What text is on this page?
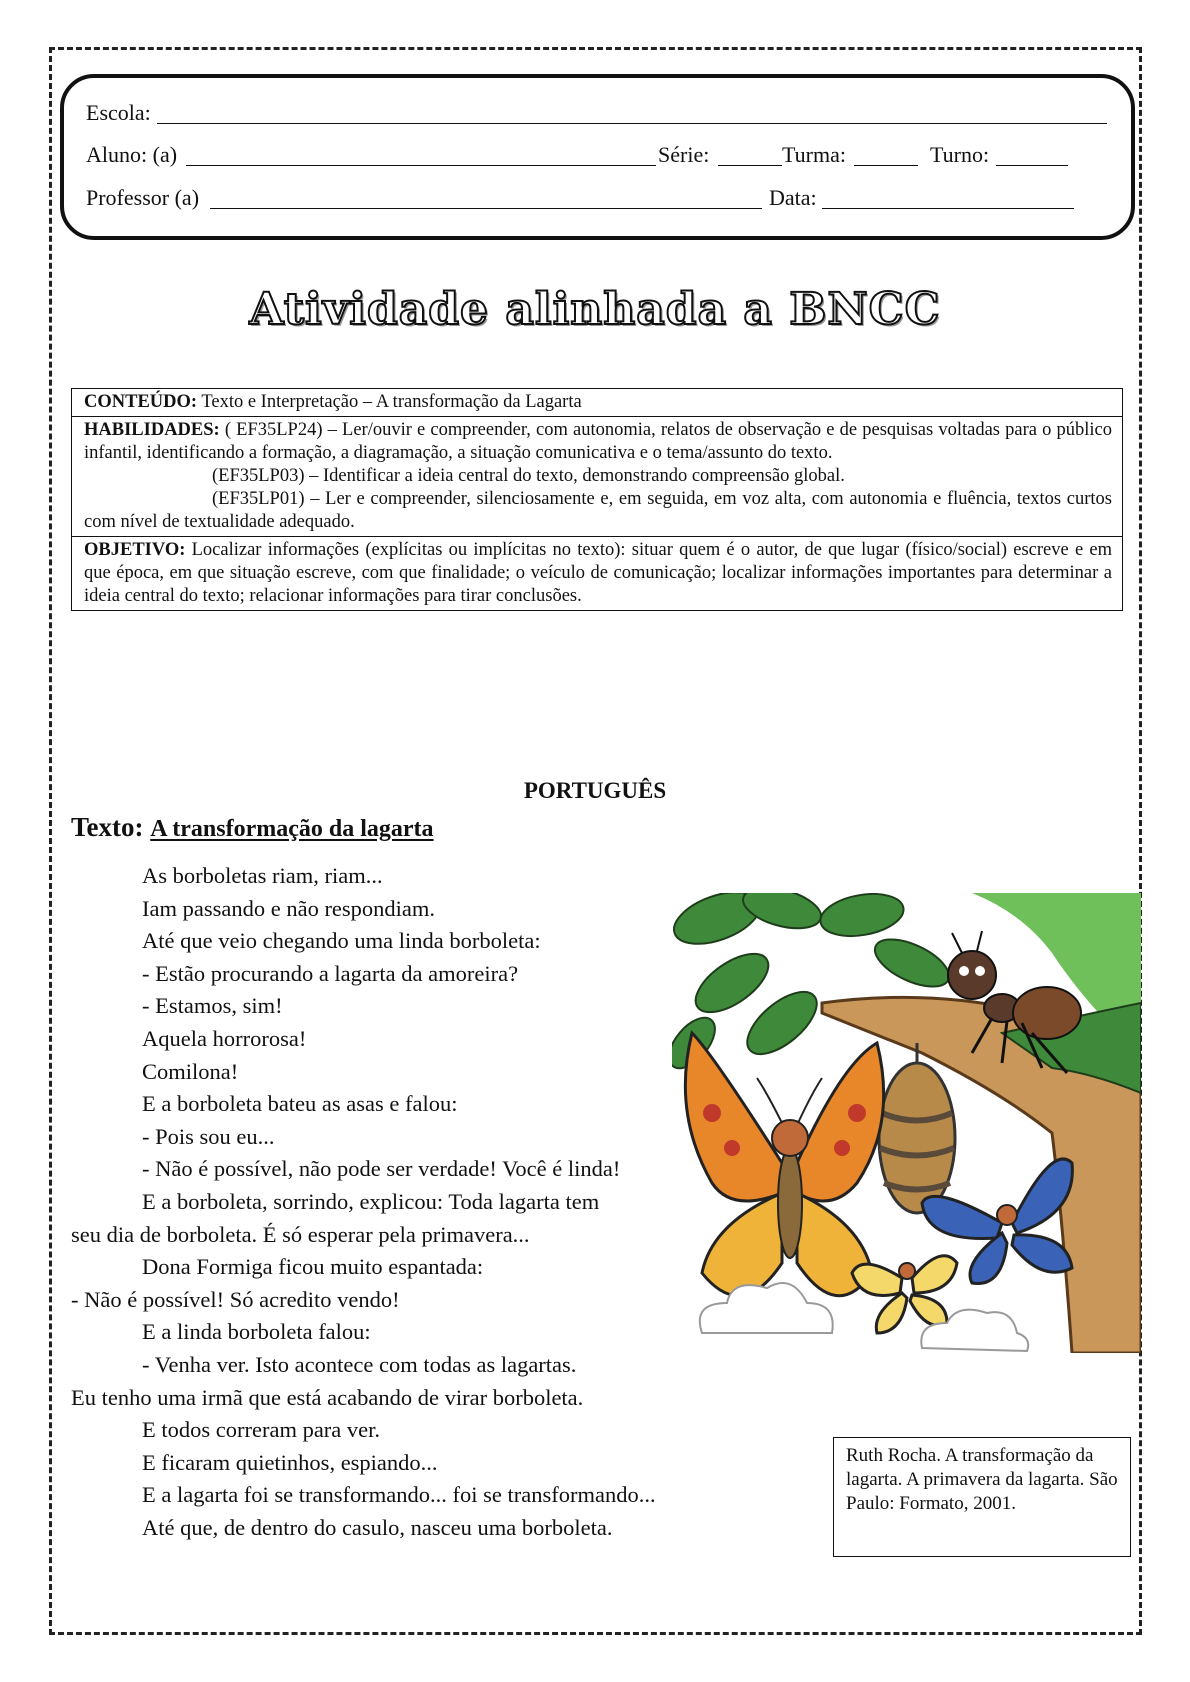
Escola:
Aluno: (a)	Série:	Turma:	Turno:
Professor (a)	Data:
Atividade alinhada a BNCC
CONTEÚDO: Texto e Interpretação – A transformação da Lagarta
HABILIDADES: ( EF35LP24) – Ler/ouvir e compreender, com autonomia, relatos de observação e de pesquisas voltadas para o público infantil, identificando a formação, a diagramação, a situação comunicativa e o tema/assunto do texto.
(EF35LP03) – Identificar a ideia central do texto, demonstrando compreensão global.
(EF35LP01) – Ler e compreender, silenciosamente e, em seguida, em voz alta, com autonomia e fluência, textos curtos com nível de textualidade adequado.
OBJETIVO: Localizar informações (explícitas ou implícitas no texto): situar quem é o autor, de que lugar (físico/social) escreve e em que época, em que situação escreve, com que finalidade; o veículo de comunicação; localizar informações importantes para determinar a ideia central do texto; relacionar informações para tirar conclusões.
PORTUGUÊS
Texto: A transformação da lagarta
As borboletas riam, riam...
Iam passando e não respondiam.
Até que veio chegando uma linda borboleta:
- Estão procurando a lagarta da amoreira?
- Estamos, sim!
Aquela horrorosa!
Comilona!
E a borboleta bateu as asas e falou:
- Pois sou eu...
- Não é possível, não pode ser verdade! Você é linda!
E a borboleta, sorrindo, explicou: Toda lagarta tem
seu dia de borboleta. É só esperar pela primavera...
Dona Formiga ficou muito espantada:
- Não é possível! Só acredito vendo!
E a linda borboleta falou:
- Venha ver. Isto acontece com todas as lagartas.
Eu tenho uma irmã que está acabando de virar borboleta.
E todos correram para ver.
E ficaram quietinhos, espiando...
E a lagarta foi se transformando... foi se transformando...
Até que, de dentro do casulo, nasceu uma borboleta.
Ruth Rocha. A transformação da lagarta. A primavera da lagarta. São Paulo: Formato, 2001.
